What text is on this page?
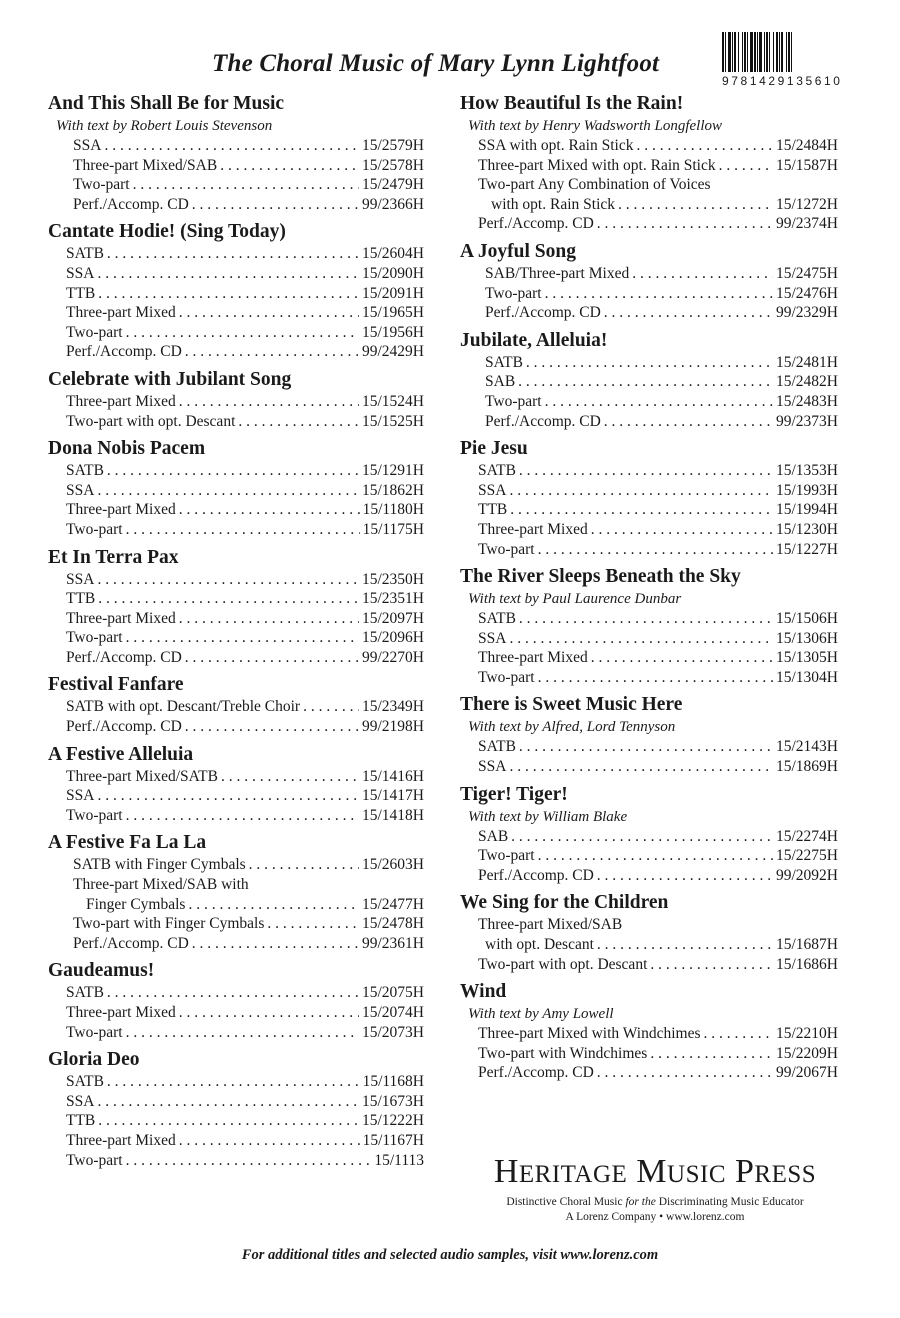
The Choral Music of Mary Lynn Lightfoot
9781429135610
And This Shall Be for Music
With text by Robert Louis Stevenson
SSA . . .	15/2579H
Three-part Mixed/SAB . . .	15/2578H
Two-part . . .	15/2479H
Perf./Accomp. CD . . .	99/2366H
Cantate Hodie! (Sing Today)
SATB . . .	15/2604H
SSA . . .	15/2090H
TTB . . .	15/2091H
Three-part Mixed . . .	15/1965H
Two-part . . .	15/1956H
Perf./Accomp. CD . . .	99/2429H
Celebrate with Jubilant Song
Three-part Mixed . . .	15/1524H
Two-part with opt. Descant . . .	15/1525H
Dona Nobis Pacem
SATB . . .	15/1291H
SSA . . .	15/1862H
Three-part Mixed . . .	15/1180H
Two-part . . .	15/1175H
Et In Terra Pax
SSA . . .	15/2350H
TTB . . .	15/2351H
Three-part Mixed . . .	15/2097H
Two-part . . .	15/2096H
Perf./Accomp. CD . . .	99/2270H
Festival Fanfare
SATB with opt. Descant/Treble Choir . . .	15/2349H
Perf./Accomp. CD . . .	99/2198H
A Festive Alleluia
Three-part Mixed/SATB . . .	15/1416H
SSA . . .	15/1417H
Two-part . . .	15/1418H
A Festive Fa La La
SATB with Finger Cymbals . . .	15/2603H
Three-part Mixed/SAB with
Finger Cymbals . . .	15/2477H
Two-part with Finger Cymbals . . .	15/2478H
Perf./Accomp. CD . . .	99/2361H
Gaudeamus!
SATB . . .	15/2075H
Three-part Mixed . . .	15/2074H
Two-part . . .	15/2073H
Gloria Deo
SATB . . .	15/1168H
SSA . . .	15/1673H
TTB . . .	15/1222H
Three-part Mixed . . .	15/1167H
Two-part . . .	15/1113
How Beautiful Is the Rain!
With text by Henry Wadsworth Longfellow
SSA with opt. Rain Stick . . .	15/2484H
Three-part Mixed with opt. Rain Stick . . .	15/1587H
Two-part Any Combination of Voices
with opt. Rain Stick . . .	15/1272H
Perf./Accomp. CD . . .	99/2374H
A Joyful Song
SAB/Three-part Mixed . . .	15/2475H
Two-part . . .	15/2476H
Perf./Accomp. CD . . .	99/2329H
Jubilate, Alleluia!
SATB . . .	15/2481H
SAB . . .	15/2482H
Two-part . . .	15/2483H
Perf./Accomp. CD . . .	99/2373H
Pie Jesu
SATB . . .	15/1353H
SSA . . .	15/1993H
TTB . . .	15/1994H
Three-part Mixed . . .	15/1230H
Two-part . . .	15/1227H
The River Sleeps Beneath the Sky
With text by Paul Laurence Dunbar
SATB . . .	15/1506H
SSA . . .	15/1306H
Three-part Mixed . . .	15/1305H
Two-part . . .	15/1304H
There is Sweet Music Here
With text by Alfred, Lord Tennyson
SATB . . .	15/2143H
SSA . . .	15/1869H
Tiger! Tiger!
With text by William Blake
SAB . . .	15/2274H
Two-part . . .	15/2275H
Perf./Accomp. CD . . .	99/2092H
We Sing for the Children
Three-part Mixed/SAB
with opt. Descant . . .	15/1687H
Two-part with opt. Descant . . .	15/1686H
Wind
With text by Amy Lowell
Three-part Mixed with Windchimes . . .	15/2210H
Two-part with Windchimes . . .	15/2209H
Perf./Accomp. CD . . .	99/2067H
HERITAGE MUSIC PRESS
Distinctive Choral Music for the Discriminating Music Educator
A Lorenz Company • www.lorenz.com
For additional titles and selected audio samples, visit www.lorenz.com
